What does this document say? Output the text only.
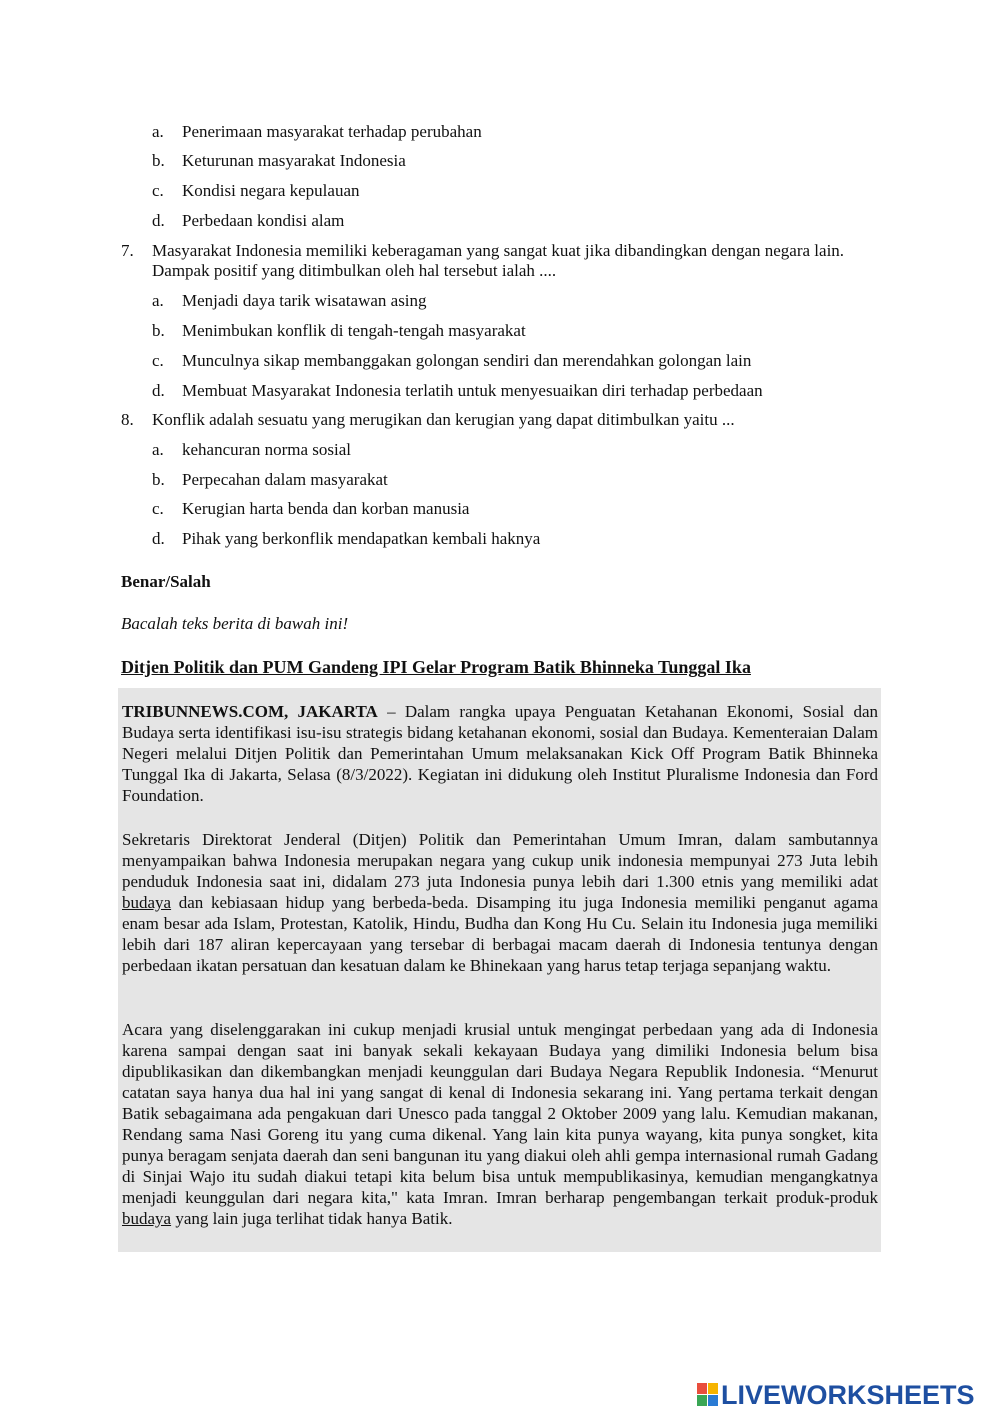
a. Penerimaan masyarakat terhadap perubahan
b. Keturunan masyarakat Indonesia
c. Kondisi negara kepulauan
d. Perbedaan kondisi alam
7. Masyarakat Indonesia memiliki keberagaman yang sangat kuat jika dibandingkan dengan negara lain. Dampak positif yang ditimbulkan oleh hal tersebut ialah ....
a. Menjadi daya tarik wisatawan asing
b. Menimbukan konflik di tengah-tengah masyarakat
c. Munculnya sikap membanggakan golongan sendiri dan merendahkan golongan lain
d. Membuat Masyarakat Indonesia terlatih untuk menyesuaikan diri terhadap perbedaan
8. Konflik adalah sesuatu yang merugikan dan kerugian yang dapat ditimbulkan yaitu ...
a. kehancuran norma sosial
b. Perpecahan dalam masyarakat
c. Kerugian harta benda dan korban manusia
d. Pihak yang berkonflik mendapatkan kembali haknya
Benar/Salah
Bacalah teks berita di bawah ini!
Ditjen Politik dan PUM Gandeng IPI Gelar Program Batik Bhinneka Tunggal Ika
TRIBUNNEWS.COM, JAKARTA – Dalam rangka upaya Penguatan Ketahanan Ekonomi, Sosial dan Budaya serta identifikasi isu-isu strategis bidang ketahanan ekonomi, sosial dan Budaya. Kementeraian Dalam Negeri melalui Ditjen Politik dan Pemerintahan Umum melaksanakan Kick Off Program Batik Bhinneka Tunggal Ika di Jakarta, Selasa (8/3/2022). Kegiatan ini didukung oleh Institut Pluralisme Indonesia dan Ford Foundation.
Sekretaris Direktorat Jenderal (Ditjen) Politik dan Pemerintahan Umum Imran, dalam sambutannya menyampaikan bahwa Indonesia merupakan negara yang cukup unik indonesia mempunyai 273 Juta lebih penduduk Indonesia saat ini, didalam 273 juta Indonesia punya lebih dari 1.300 etnis yang memiliki adat budaya dan kebiasaan hidup yang berbeda-beda. Disamping itu juga Indonesia memiliki penganut agama enam besar ada Islam, Protestan, Katolik, Hindu, Budha dan Kong Hu Cu. Selain itu Indonesia juga memiliki lebih dari 187 aliran kepercayaan yang tersebar di berbagai macam daerah di Indonesia tentunya dengan perbedaan ikatan persatuan dan kesatuan dalam ke Bhinekaan yang harus tetap terjaga sepanjang waktu.
Acara yang diselenggarakan ini cukup menjadi krusial untuk mengingat perbedaan yang ada di Indonesia karena sampai dengan saat ini banyak sekali kekayaan Budaya yang dimiliki Indonesia belum bisa dipublikasikan dan dikembangkan menjadi keunggulan dari Budaya Negara Republik Indonesia. “Menurut catatan saya hanya dua hal ini yang sangat di kenal di Indonesia sekarang ini. Yang pertama terkait dengan Batik sebagaimana ada pengakuan dari Unesco pada tanggal 2 Oktober 2009 yang lalu. Kemudian makanan, Rendang sama Nasi Goreng itu yang cuma dikenal. Yang lain kita punya wayang, kita punya songket, kita punya beragam senjata daerah dan seni bangunan itu yang diakui oleh ahli gempa internasional rumah Gadang di Sinjai Wajo itu sudah diakui tetapi kita belum bisa untuk mempublikasinya, kemudian mengangkatnya menjadi keunggulan dari negara kita," kata Imran. Imran berharap pengembangan terkait produk-produk budaya yang lain juga terlihat tidak hanya Batik.
LIVEWORKSHEETS
